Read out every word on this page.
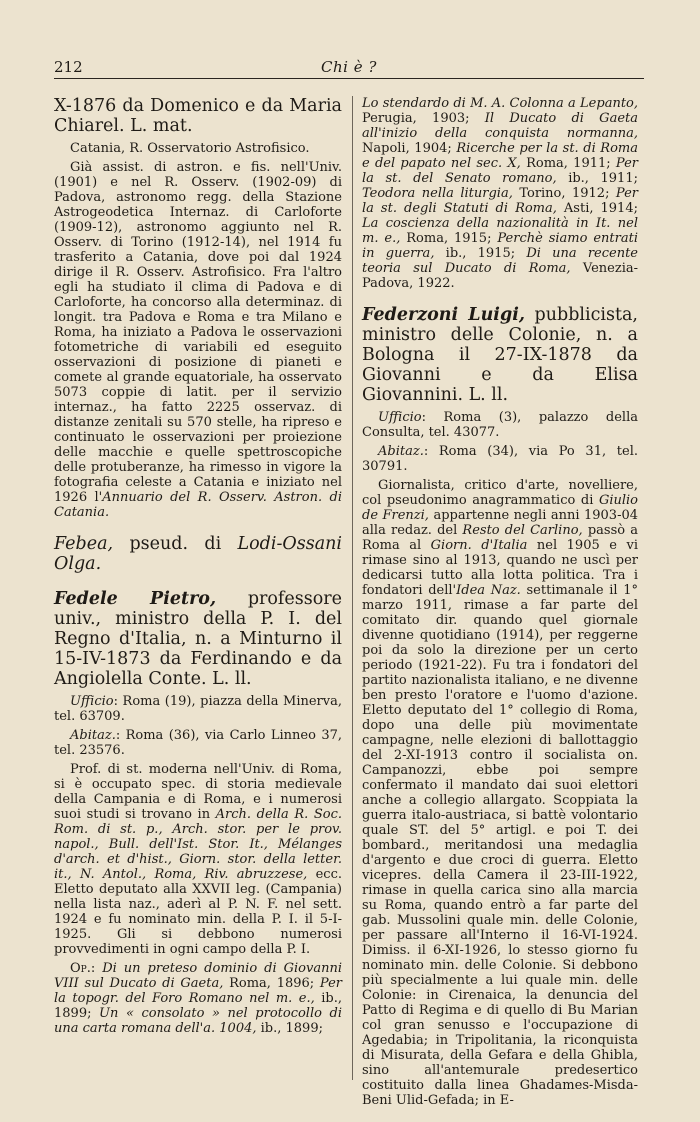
212	Chi è ?
X-1876 da Domenico e da Maria Chiarel. L. mat.

Catania, R. Osservatorio Astrofisico.

Già assist. di astron. e fis. nell'Univ. (1901) e nel R. Osserv. (1902-09) di Padova, astronomo regg. della Stazione Astrogeodetica Internaz. di Carloforte (1909-12), astronomo aggiunto nel R. Osserv. di Torino (1912-14), nel 1914 fu trasferito a Catania, dove poi dal 1924 dirige il R. Osserv. Astrofisico. Fra l'altro egli ha studiato il clima di Padova e di Carloforte, ha concorso alla determinaz. di longit. tra Padova e Roma e tra Milano e Roma, ha iniziato a Padova le osservazioni fotometriche di variabili ed eseguito osservazioni di posizione di pianeti e comete al grande equatoriale, ha osservato 5073 coppie di latit. per il servizio internaz., ha fatto 2225 osservaz. di distanze zenitali su 570 stelle, ha ripreso e continuato le osservazioni per proiezione delle macchie e quelle spettroscopiche delle protuberanze, ha rimesso in vigore la fotografia celeste a Catania e iniziato nel 1926 l'Annuario del R. Osserv. Astron. di Catania.

Febea, pseud. di Lodi-Ossani Olga.
Fedele Pietro, professore univ., ministro della P. I. del Regno d'Italia, n. a Minturno il 15-IV-1873 da Ferdinando e da Angiolella Conte. L. ll.

Ufficio: Roma (19), piazza della Minerva, tel. 63709.

Abitaz.: Roma (36), via Carlo Linneo 37, tel. 23576.

Prof. di st. moderna nell'Univ. di Roma, si è occupato spec. di storia medievale della Campania e di Roma, e i numerosi suoi studi si trovano in Arch. della R. Soc. Rom. di st. p., Arch. stor. per le prov. napol., Bull. dell'Ist. Stor. It., Mélanges d'arch. et d'hist., Giorn. stor. della letter. it., N. Antol., Roma, Riv. abruzzese, ecc. Eletto deputato alla XXVII leg. (Campania) nella lista naz., aderì al P. N. F. nel sett. 1924 e fu nominato min. della P. I. il 5-I-1925. Gli si debbono numerosi provvedimenti in ogni campo della P. I.

Op.: Di un preteso dominio di Giovanni VIII sul Ducato di Gaeta, Roma, 1896; Per la topogr. del Foro Romano nel m. e., ib., 1899; Un « consolato » nel protocollo di una carta romana dell'a. 1004, ib., 1899;

Lo stendardo di M. A. Colonna a Lepanto, Perugia, 1903; Il Ducato di Gaeta all'inizio della conquista normanna, Napoli, 1904; Ricerche per la st. di Roma e del papato nel sec. X, Roma, 1911; Per la st. del Senato romano, ib., 1911; Teodora nella liturgia, Torino, 1912; Per la st. degli Statuti di Roma, Asti, 1914; La coscienza della nazionalità in It. nel m. e., Roma, 1915; Perchè siamo entrati in guerra, ib., 1915; Di una recente teoria sul Ducato di Roma, Venezia-Padova, 1922.

Federzoni Luigi, pubblicista, ministro delle Colonie, n. a Bologna il 27-IX-1878 da Giovanni e da Elisa Giovannini. L. ll.

Ufficio: Roma (3), palazzo della Consulta, tel. 43077.

Abitaz.: Roma (34), via Po 31, tel. 30791.

Giornalista, critico d'arte, novelliere, col pseudonimo anagrammatico di Giulio de Frenzi, appartenne negli anni 1903-04 alla redaz. del Resto del Carlino, passò a Roma al Giorn. d'Italia nel 1905 e vi rimase sino al 1913, quando ne uscì per dedicarsi tutto alla lotta politica. Tra i fondatori dell'Idea Naz. settimanale il 1° marzo 1911, rimase a far parte del comitato dir. quando quel giornale divenne quotidiano (1914), per reggerne poi da solo la direzione per un certo periodo (1921-22). Fu tra i fondatori del partito nazionalista italiano, e ne divenne ben presto l'oratore e l'uomo d'azione. Eletto deputato del 1° collegio di Roma, dopo una delle più movimentate campagne, nelle elezioni di ballottaggio del 2-XI-1913 contro il socialista on. Campanozzi, ebbe poi sempre confermato il mandato dai suoi elettori anche a collegio allargato. Scoppiata la guerra italo-austriaca, si battè volontario quale ST. del 5° artigl. e poi T. dei bombard., meritandosi una medaglia d'argento e due croci di guerra. Eletto vicepres. della Camera il 23-III-1922, rimase in quella carica sino alla marcia su Roma, quando entrò a far parte del gab. Mussolini quale min. delle Colonie, per passare all'Interno il 16-VI-1924. Dimiss. il 6-XI-1926, lo stesso giorno fu nominato min. delle Colonie. Si debbono più specialmente a lui quale min. delle Colonie: in Cirenaica, la denuncia del Patto di Regima e di quello di Bu Marian col gran senusso e l'occupazione di Agedabia; in Tripolitania, la riconquista di Misurata, della Gefara e della Ghibla, sino all'antemurale predesertico costituito dalla linea Ghadames-Misda-Beni Ulid-Gefada; in E-
